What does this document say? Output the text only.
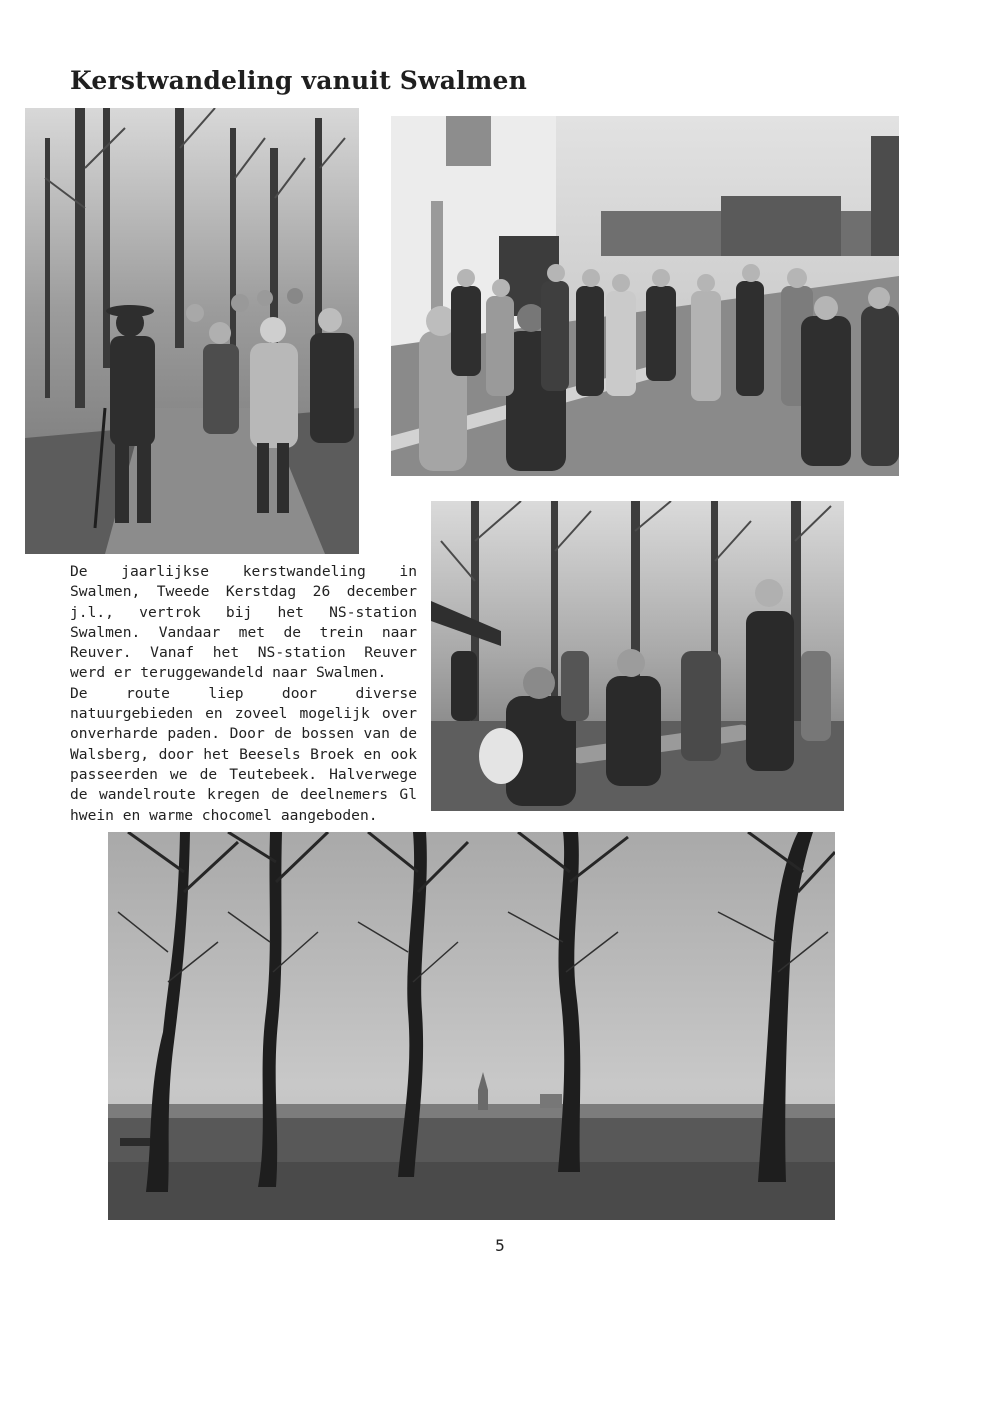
Kerstwandeling vanuit Swalmen

De jaarlijkse kerstwandeling in Swalmen, Tweede Kerstdag 26 december j.l., vertrok bij het NS-station Swalmen. Vandaar met de trein naar Reuver. Vanaf het NS-station Reuver werd er teruggewandeld naar Swalmen.

De route liep door diverse natuurgebieden en zoveel mogelijk over onverharde paden. Door de bossen van de Walsberg, door het Beesels Broek en ook passeerden we de Teutebeek. Halverwege de wandelroute kregen de deelnemers Gl hwein en warme chocomel aangeboden.

5
